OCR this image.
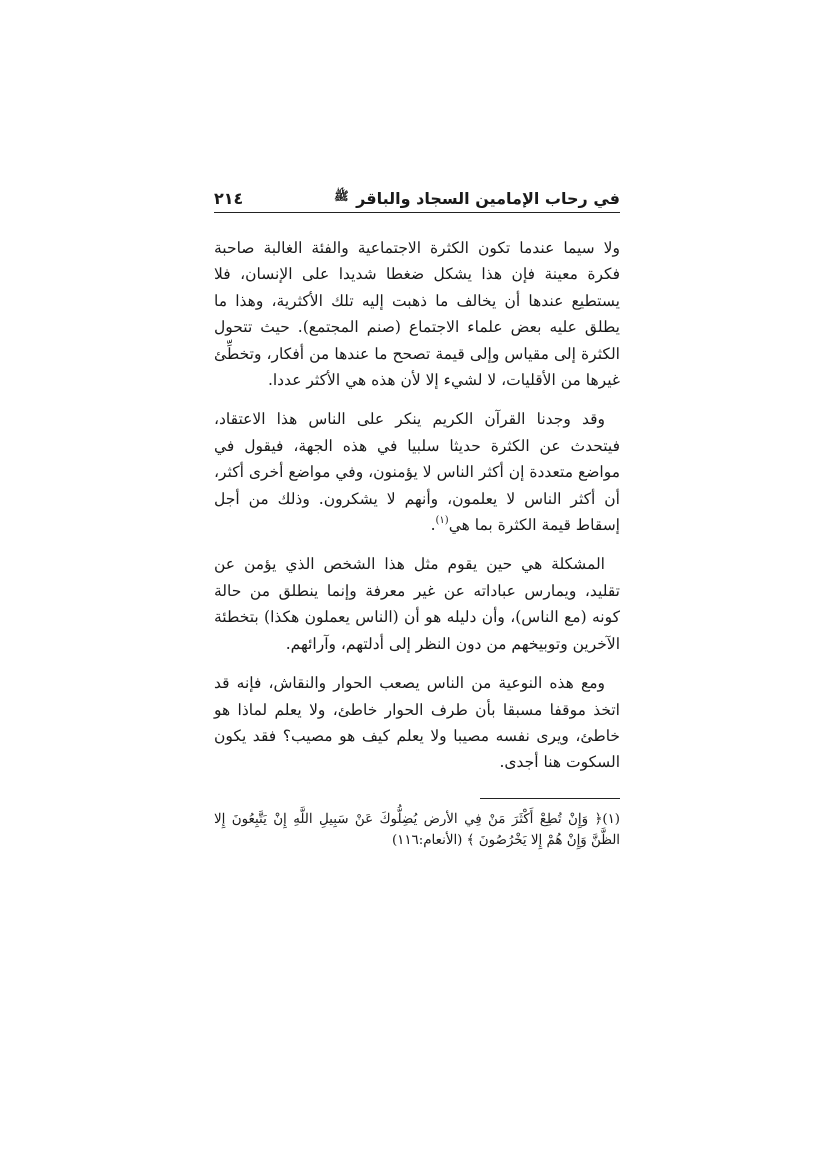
في رحاب الإمامين السجاد والباقر $^ﷺ$
٢١٤

ولا سيما عندما تكون الكثرة الاجتماعية والفئة الغالبة صاحبة فكرة معينة فإن هذا يشكل ضغطا شديدا على الإنسان، فلا يستطيع عندها أن يخالف ما ذهبت إليه تلك الأكثرية، وهذا ما يطلق عليه بعض علماء الاجتماع (صنم المجتمع). حيث تتحول الكثرة إلى مقياس وإلى قيمة تصحح ما عندها من أفكار، وتخطِّئ غيرها من الأقليات، لا لشيء إلا لأن هذه هي الأكثر عددا.

وقد وجدنا القرآن الكريم ينكر على الناس هذا الاعتقاد، فيتحدث عن الكثرة حديثا سلبيا في هذه الجهة، فيقول في مواضع متعددة إن أكثر الناس لا يؤمنون، وفي مواضع أخرى أكثر، أن أكثر الناس لا يعلمون، وأنهم لا يشكرون. وذلك من أجل إسقاط قيمة الكثرة بما هي$^{(١)}$.

المشكلة هي حين يقوم مثل هذا الشخص الذي يؤمن عن تقليد، ويمارس عباداته عن غير معرفة وإنما ينطلق من حالة كونه (مع الناس)، وأن دليله هو أن (الناس يعملون هكذا) بتخطئة الآخرين وتوبيخهم من دون النظر إلى أدلتهم، وآرائهم.

ومع هذه النوعية من الناس يصعب الحوار والنقاش، فإنه قد اتخذ موقفا مسبقا بأن طرف الحوار خاطئ، ولا يعلم لماذا هو خاطئ، ويرى نفسه مصيبا ولا يعلم كيف هو مصيب؟ فقد يكون السكوت هنا أجدى.

(١)﴿ وَإِنْ تُطِعْ أَكْثَرَ مَنْ فِي الأرض يُضِلُّوكَ عَنْ سَبِيلِ اللَّهِ إِنْ يَتَّبِعُونَ إِلا الظَّنَّ وَإِنْ هُمْ إِلا يَخْرُصُونَ ﴾ (الأنعام:١١٦)
